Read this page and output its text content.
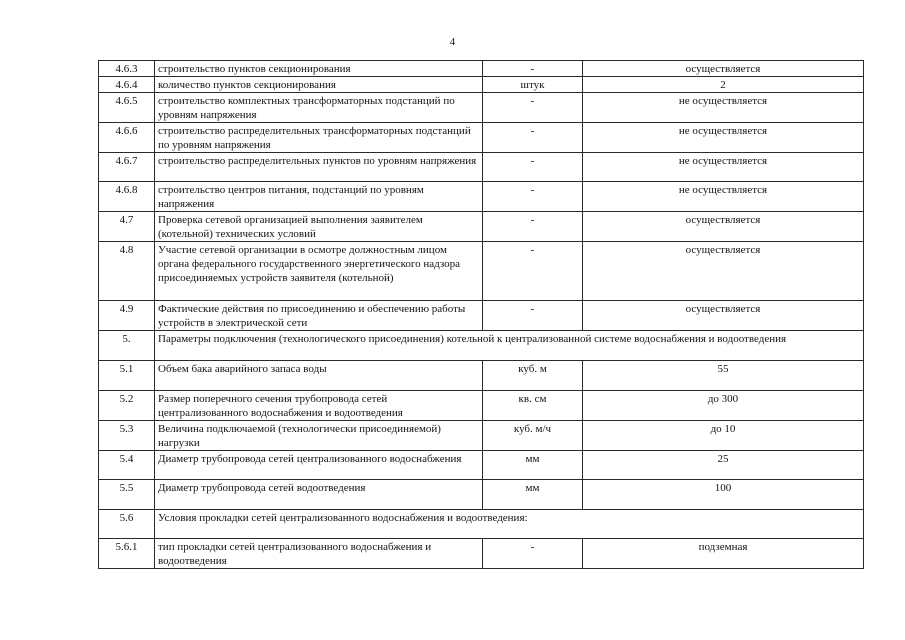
4
4.6.3	строительство пунктов секционирования	-	осуществляется
4.6.4	количество пунктов секционирования	штук	2
4.6.5	строительство комплектных трансформаторных подстанций по уровням напряжения	-	не осуществляется
4.6.6	строительство распределительных трансформаторных подстанций по уровням напряжения	-	не осуществляется
4.6.7	строительство распределительных пунктов по уровням напряжения	-	не осуществляется
4.6.8	строительство центров питания, подстанций по уровням напряжения	-	не осуществляется
4.7	Проверка сетевой организацией выполнения заявителем (котельной) технических условий	-	осуществляется
4.8	Участие сетевой организации в осмотре должностным лицом органа федерального государственного энергетического надзора присоединяемых устройств заявителя (котельной)	-	осуществляется
4.9	Фактические действия по присоединению и обеспечению работы устройств в электрической сети	-	осуществляется
5.	Параметры подключения (технологического присоединения) котельной к централизованной системе водоснабжения и водоотведения		
5.1	Объем бака аварийного запаса воды	куб. м	55
5.2	Размер поперечного сечения трубопровода сетей централизованного водоснабжения и водоотведения	кв. см	до 300
5.3	Величина подключаемой (технологически присоединяемой) нагрузки	куб. м/ч	до 10
5.4	Диаметр трубопровода сетей централизованного водоснабжения	мм	25
5.5	Диаметр трубопровода сетей водоотведения	мм	100
5.6	Условия прокладки сетей централизованного водоснабжения и водоотведения:		
5.6.1	тип прокладки сетей централизованного водоснабжения и водоотведения	-	подземная
